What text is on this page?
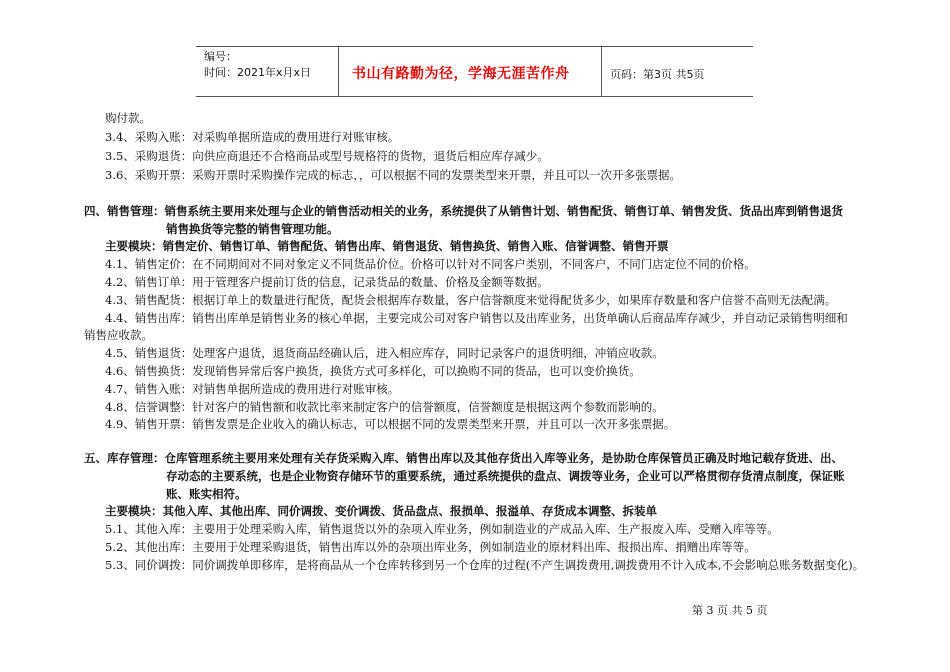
编号：
时间：2021年x月x日	书山有路勤为径，学海无涯苦作舟	页码：第3页 共5页
购付款。
3.4、采购入账：对采购单据所造成的费用进行对账审核。
3.5、采购退货：向供应商退还不合格商品或型号规格符的货物，退货后相应库存减少。
3.6、采购开票：采购开票时采购操作完成的标志，，可以根据不同的发票类型来开票，并且可以一次开多张票据。
四、销售管理：销售系统主要用来处理与企业的销售活动相关的业务，系统提供了从销售计划、销售配货、销售订单、销售发货、货品出库到销售退货
销售换货等完整的销售管理功能。
主要模块：销售定价、销售订单、销售配货、销售出库、销售退货、销售换货、销售入账、信誉调整、销售开票
4.1、销售定价：在不同期间对不同对象定义不同货品价位。价格可以针对不同客户类别，不同客户，不同门店定位不同的价格。
4.2、销售订单：用于管理客户提前订货的信息，记录货品的数量、价格及金额等数据。
4.3、销售配货：根据订单上的数量进行配货，配货会根据库存数量，客户信誉额度来觉得配货多少，如果库存数量和客户信誉不高则无法配满。
4.4、销售出库：销售出库单是销售业务的核心单据，主要完成公司对客户销售以及出库业务，出货单确认后商品库存减少，并自动记录销售明细和
销售应收款。
4.5、销售退货：处理客户退货，退货商品经确认后，进入相应库存，同时记录客户的退货明细，冲销应收款。
4.6、销售换货：发现销售异常后客户换货，换货方式可多样化，可以换购不同的货品，也可以变价换货。
4.7、销售入账：对销售单据所造成的费用进行对账审核。
4.8、信誉调整：针对客户的销售额和收款比率来制定客户的信誉额度，信誉额度是根据这两个参数而影响的。
4.9、销售开票：销售发票是企业收入的确认标志，可以根据不同的发票类型来开票，并且可以一次开多张票据。
五、库存管理：仓库管理系统主要用来处理有关存货采购入库、销售出库以及其他存货出入库等业务，是协助仓库保管员正确及时地记载存货进、出、
存动态的主要系统，也是企业物资存储环节的重要系统，通过系统提供的盘点、调拨等业务，企业可以严格贯彻存货清点制度，保证账
账、账实相符。
主要模块：其他入库、其他出库、同价调拨、变价调拨、货品盘点、报损单、报溢单、存货成本调整、拆装单
5.1、其他入库：主要用于处理采购入库，销售退货以外的杂项入库业务，例如制造业的产成品入库、生产报废入库、受赠入库等等。
5.2、其他出库：主要用于处理采购退货，销售出库以外的杂项出库业务，例如制造业的原材料出库、报损出库、捐赠出库等等。
5.3、同价调拨：同价调拨单即移库，是将商品从一个仓库转移到另一个仓库的过程(不产生调拨费用,调拨费用不计入成本,不会影响总账务数据变化)。
第 3 页 共 5 页
